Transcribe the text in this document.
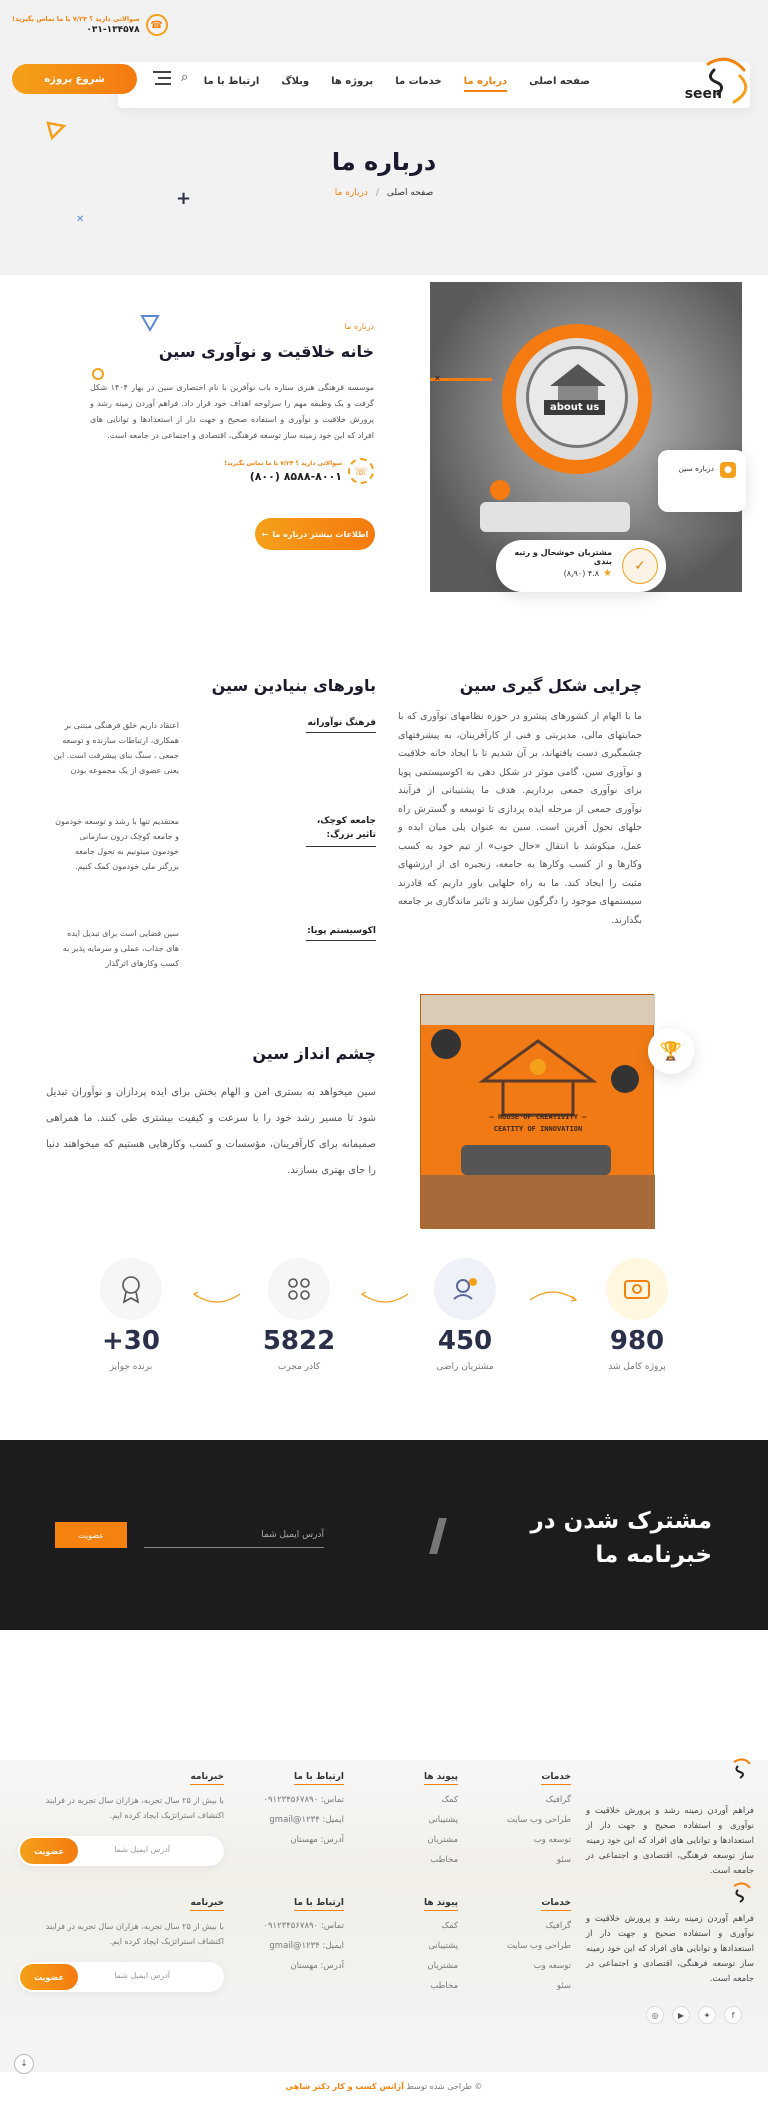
☎
سوالاتی دارید ؟ ۷/۲۴ با ما تماس بگیرید!
۰۳۱-۱۳۴۵۷۸
seen
صفحه اصلی
درباره ما
خدمات ما
پروژه ها
وبلاگ
ارتباط با ما
⌕
شروع پروژه
+
✕
درباره ما
صفحه اصلی
/
درباره ما
about us
✕
●
درباره سین
مشتریان خوشحال و رتبه بندی
★
۴.۸ (۸٫۹۰)	✓
درباره ما
خانه خلاقیت و نوآوری سین
موسسه فرهنگی هنری ستاره باب نوآفرین با نام اختصاری سین در بهار ۱۴۰۴ شکل گرفت و یک وظیفه مهم را سرلوحه اهداف خود قرار داد. فراهم آوردن زمینه رشد و پرورش خلاقیت و نوآوری و استفاده صحیح و جهت دار از استعدادها و توانایی های افراد که این خود زمینه ساز توسعه فرهنگی، اقتصادی و اجتماعی در جامعه است.
☏
سوالاتی دارید ؟ ۷/۲۴ با ما تماس بگیرید!
(۸۰۰) ۸۵۸۸-۸۰۰۱
اطلاعات بیشتر درباره ما
←
چرایی شکل گیری سین
ما با الهام از کشورهای پیشرو در حوزه نظامهای نوآوری که با حمایتهای مالی، مدیریتی و فنی از کارآفرینان، به پیشرفتهای چشمگیری دست یافتهاند، بر آن شدیم تا با ایجاد خانه خلاقیت و نوآوری سین، گامی موثر در شکل دهی به اکوسیستمی پویا برای نوآوری جمعی برداریم. هدف ما پشتیبانی از فرآیند نوآوری جمعی از مرحله ایده پردازی تا توسعه و گسترش راه حلهای تحول آفرین است. سین به عنوان پلی میان ایده و عمل، میکوشد با انتقال «حال خوب» از تیم خود به کسب وکارها و از کسب وکارها به جامعه، زنجیره ای از ارزشهای مثبت را ایجاد کند. ما به راه حلهایی باور داریم که قادرند سیستمهای موجود را دگرگون سازند و تاثیر ماندگاری بر جامعه بگذارند.
باورهای بنیادین سین
فرهنگ نوآورانه
اعتقاد داریم خلق فرهنگی مبتنی بر همکاری، ارتباطات سازنده و توسعه جمعی ، سنگ بنای پیشرفت است. این یعنی عضوی از یک مجموعه بودن
جامعه کوچک، تاثیر بزرگ:
معتقدیم تنها با رشد و توسعه خودمون و جامعه کوچک درون سازمانی خودمون میتونیم به تحول جامعه بزرگتر ملی خودمون کمک کنیم.
اکوسیستم پویا:
سین فضایی است برای تبدیل ایده های جذاب، عملی و سرمایه پذیر به کسب وکارهای اثرگذار
— HOUSE OF CREATIVITY —
CEATITY OF INNOVATION
🏆
چشم انداز سین
سین میخواهد به بستری امن و الهام بخش برای ایده پردازان و نوآوران تبدیل شود تا مسیر رشد خود را با سرعت و کیفیت بیشتری طی کنند. ما همراهی صمیمانه برای کارآفرینان، مؤسسات و کسب وکارهایی هستیم که میخواهند دنیا را جای بهتری بسازند.
980
پروژه کامل شد
450
مشتریان راضی
5822
کادر مجرب
+30
برنده جوایز
مشترک شدن در
خبرنامه ما
آدرس ایمیل شما
عضویت
فراهم آوردن زمینه رشد و پرورش خلاقیت و نوآوری و استفاده صحیح و جهت دار از استعدادها و توانایی های افراد که این خود زمینه ساز توسعه فرهنگی، اقتصادی و اجتماعی در جامعه است.
خدمات
گرافیک
طراحی وب سایت
توسعه وب
سئو
پیوند ها
کمک
پشتیبانی
مشتریان
مخاطب
ارتباط با ما
تماس: ۰۹۱۲۳۴۵۶۷۸۹۰
ایمیل: gmail@۱۲۳۴
آدرس: مهستان
خبرنامه
با بیش از ۲۵ سال تجربه، هزاران سال تجربه در فرایند اکتشاف استراتژیک ایجاد کرده ایم.
آدرس ایمیل شما
عضویت
فراهم آوردن زمینه رشد و پرورش خلاقیت و نوآوری و استفاده صحیح و جهت دار از استعدادها و توانایی های افراد که این خود زمینه ساز توسعه فرهنگی، اقتصادی و اجتماعی در جامعه است.
خدمات
گرافیک
طراحی وب سایت
توسعه وب
سئو
پیوند ها
کمک
پشتیبانی
مشتریان
مخاطب
ارتباط با ما
تماس: ۰۹۱۲۳۴۵۶۷۸۹۰
ایمیل: gmail@۱۲۳۴
آدرس: مهستان
خبرنامه
با بیش از ۲۵ سال تجربه، هزاران سال تجربه در فرایند اکتشاف استراتژیک ایجاد کرده ایم.
آدرس ایمیل شما
عضویت
◎	▶	✦	f
↓
© طراحی شده توسط آژانس کسب و کار دکتر شاهی
